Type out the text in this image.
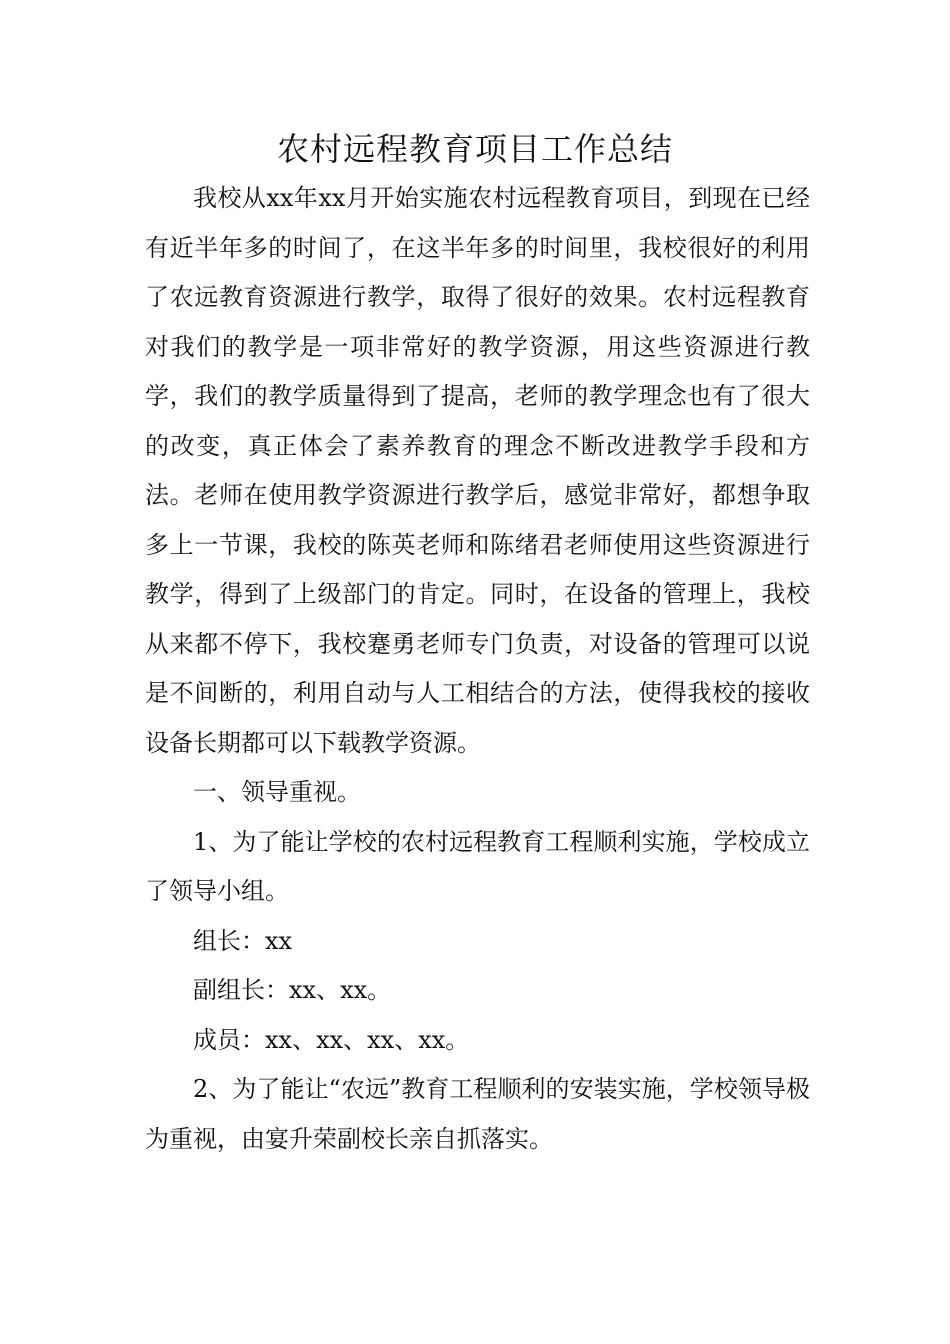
农村远程教育项目工作总结

我校从xx年xx月开始实施农村远程教育项目，到现在已经有近半年多的时间了，在这半年多的时间里，我校很好的利用了农远教育资源进行教学，取得了很好的效果。农村远程教育对我们的教学是一项非常好的教学资源，用这些资源进行教学，我们的教学质量得到了提高，老师的教学理念也有了很大的改变，真正体会了素养教育的理念不断改进教学手段和方法。老师在使用教学资源进行教学后，感觉非常好，都想争取多上一节课，我校的陈英老师和陈绪君老师使用这些资源进行教学，得到了上级部门的肯定。同时，在设备的管理上，我校从来都不停下，我校蹇勇老师专门负责，对设备的管理可以说是不间断的，利用自动与人工相结合的方法，使得我校的接收设备长期都可以下载教学资源。

一、领导重视。

1、为了能让学校的农村远程教育工程顺利实施，学校成立了领导小组。

组长：xx

副组长：xx、xx。

成员：xx、xx、xx、xx。

2、为了能让“农远”教育工程顺利的安装实施，学校领导极为重视，由宴升荣副校长亲自抓落实。
